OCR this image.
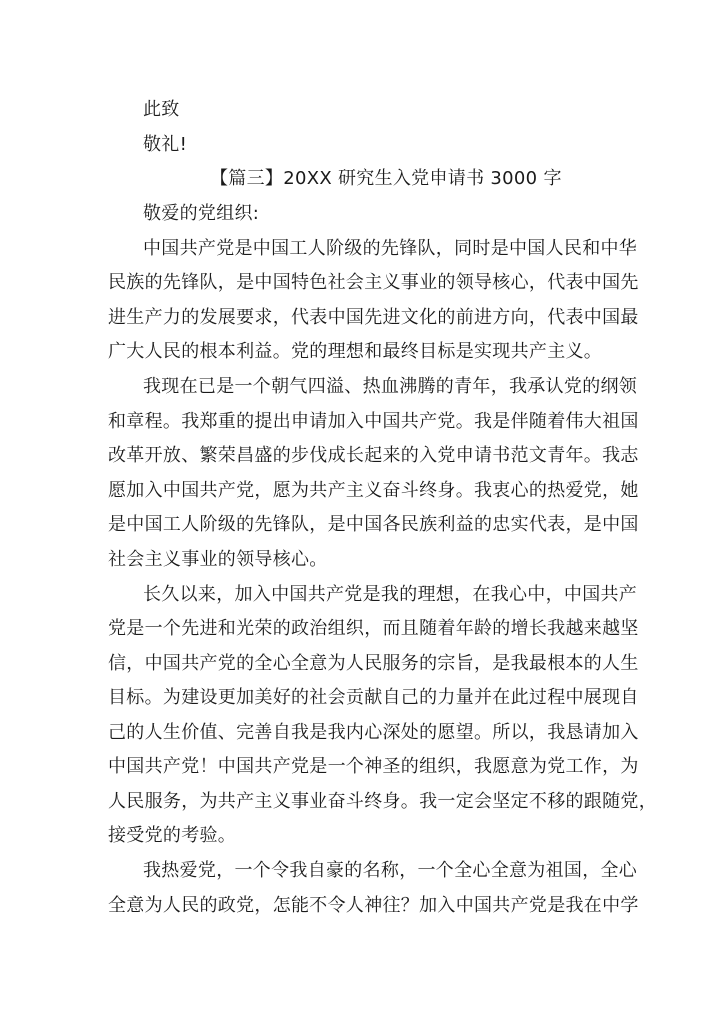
此致
敬礼!
【篇三】20XX 研究生入党申请书 3000 字
敬爱的党组织:
中国共产党是中国工人阶级的先锋队，同时是中国人民和中华
民族的先锋队，是中国特色社会主义事业的领导核心，代表中国先
进生产力的发展要求，代表中国先进文化的前进方向，代表中国最
广大人民的根本利益。党的理想和最终目标是实现共产主义。
我现在已是一个朝气四溢、热血沸腾的青年，我承认党的纲领
和章程。我郑重的提出申请加入中国共产党。我是伴随着伟大祖国
改革开放、繁荣昌盛的步伐成长起来的入党申请书范文青年。我志
愿加入中国共产党，愿为共产主义奋斗终身。我衷心的热爱党，她
是中国工人阶级的先锋队，是中国各民族利益的忠实代表，是中国
社会主义事业的领导核心。
长久以来，加入中国共产党是我的理想，在我心中，中国共产
党是一个先进和光荣的政治组织，而且随着年龄的增长我越来越坚
信，中国共产党的全心全意为人民服务的宗旨，是我最根本的人生
目标。为建设更加美好的社会贡献自己的力量并在此过程中展现自
己的人生价值、完善自我是我内心深处的愿望。所以，我恳请加入
中国共产党！中国共产党是一个神圣的组织，我愿意为党工作，为
人民服务，为共产主义事业奋斗终身。我一定会坚定不移的跟随党，
接受党的考验。
我热爱党，一个令我自豪的名称，一个全心全意为祖国，全心
全意为人民的政党，怎能不令人神往？加入中国共产党是我在中学
